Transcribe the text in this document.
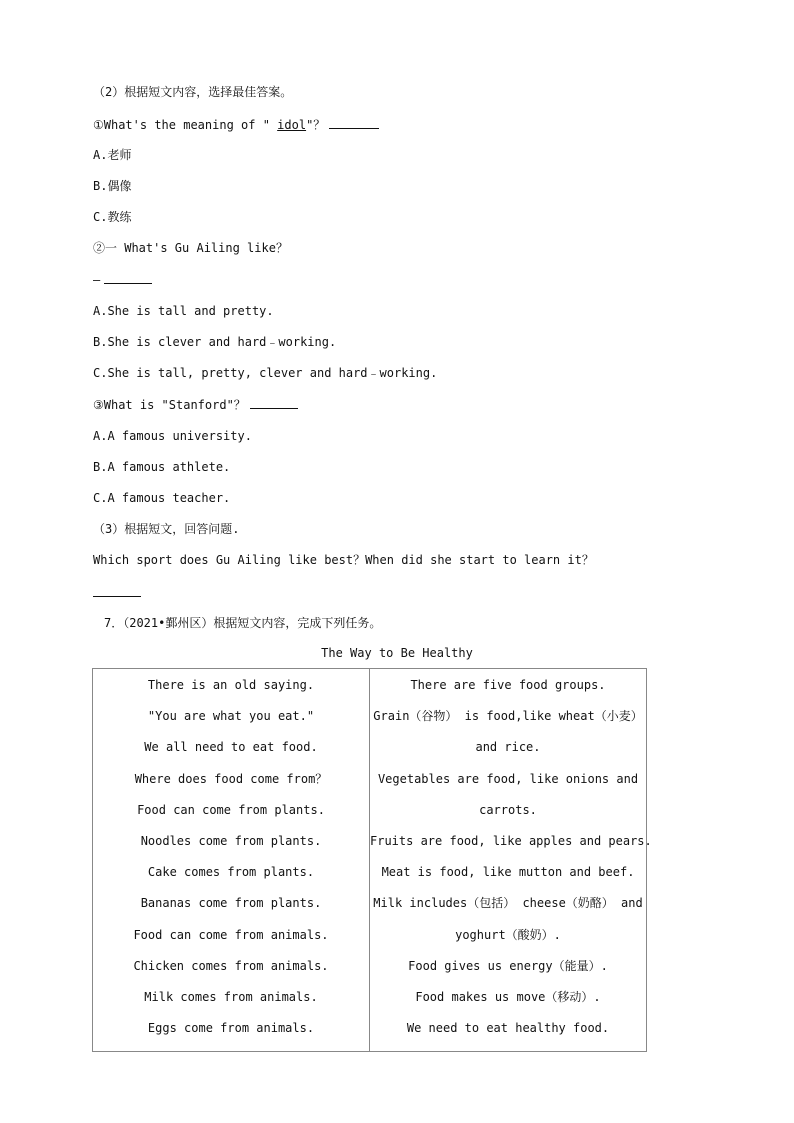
（2）根据短文内容，选择最佳答案。
①What's the meaning of " idol"？
A.老师
B.偶像
C.教练
②一 What's Gu Ailing like？
—
A.She is tall and pretty.
B.She is clever and hard﹣working.
C.She is tall, pretty, clever and hard﹣working.
③What is "Stanford"？
A.A famous university.
B.A famous athlete.
C.A famous teacher.
（3）根据短文，回答问题.
Which sport does Gu Ailing like best？When did she start to learn it？
7．（2021•鄞州区）根据短文内容，完成下列任务。
The Way to Be Healthy
There is an old saying.
"You are what you eat."
We all need to eat food.
Where does food come from？
Food can come from plants.
Noodles come from plants.
Cake comes from plants.
Bananas come from plants.
Food can come from animals.
Chicken comes from animals.
Milk comes from animals.
Eggs come from animals.

There are five food groups.
Grain（谷物） is food,like wheat（小麦）
and rice.
Vegetables are food, like onions and
carrots.
Fruits are food, like apples and pears.
Meat is food, like mutton and beef.
Milk includes（包括） cheese（奶酪） and
yoghurt（酸奶）.
Food gives us energy（能量）.
Food makes us move（移动）.
We need to eat healthy food.
